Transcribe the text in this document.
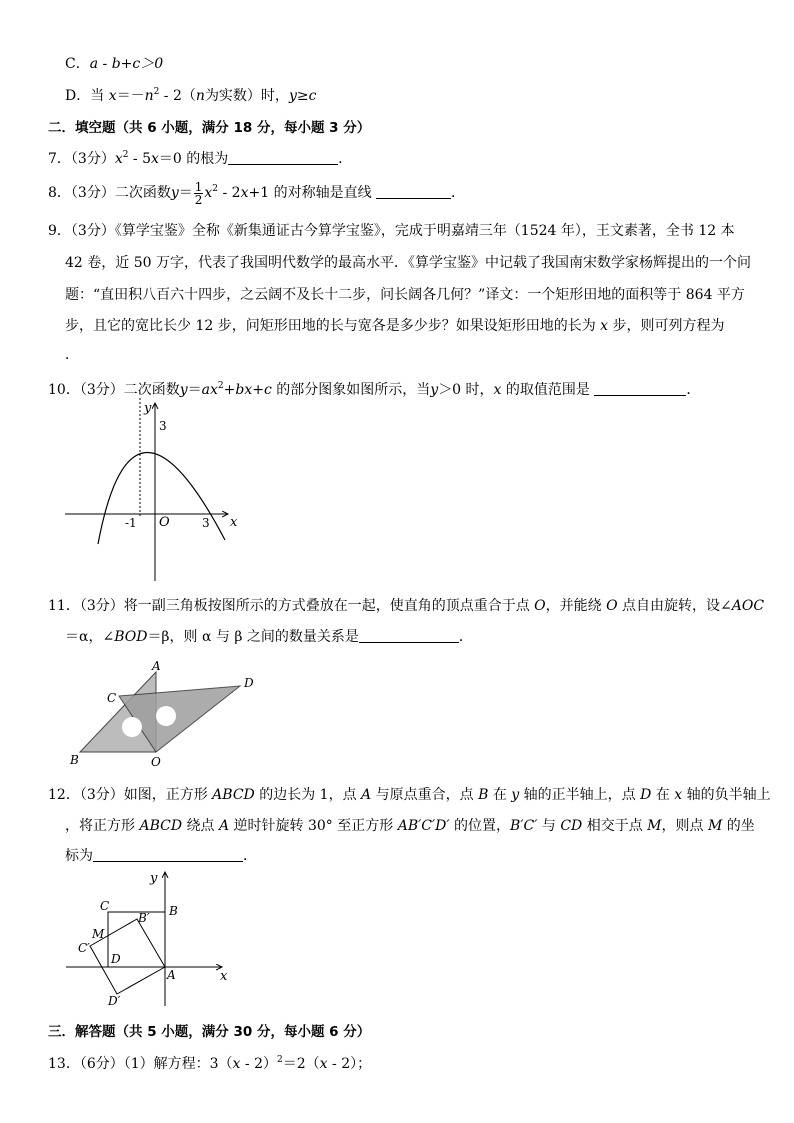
C．a - b+c＞0
D．当 $x=-n^2 - 2(n$为实数）时，y≥c
二．填空题（共 6 小题，满分 18 分，每小题 3 分）
7．（3分）$x^2 - 5x=0$ 的根为	．
8．（3分）二次函数$y= \frac{1}{2} x^2 - 2x+1$ 的对称轴是直线	．
9．（3分）《算学宝鉴》全称《新集通证古今算学宝鉴》，完成于明嘉靖三年（1524 年），王文素著，全书 12 本
42 卷，近 50 万字，代表了我国明代数学的最高水平．《算学宝鉴》中记载了我国南宋数学家杨辉提出的一个问
题：“直田积八百六十四步，之云阔不及长十二步，问长阔各几何？”译文：一个矩形田地的面积等于 864 平方
步，且它的宽比长少 12 步，问矩形田地的长与宽各是多少步？如果设矩形田地的长为 x 步，则可列方程为
．
10．（3分）二次函数$y=ax^2+bx+c$ 的部分图象如图所示，当y＞0 时，x 的取值范围是	．
y
x
O
3
-1	3
11．（3分）将一副三角板按图所示的方式叠放在一起，使直角的顶点重合于点 O，并能绕 O 点自由旋转，设∠AOC
＝α，∠BOD＝β，则 α 与 β 之间的数量关系是	．
A
B
C
D
O
12．（3分）如图，正方形 ABCD 的边长为 1，点 A 与原点重合，点 B 在 y 轴的正半轴上，点 D 在 x 轴的负半轴上
，将正方形 ABCD 绕点 A 逆时针旋转 30° 至正方形 AB′C′D′ 的位置，B′C′ 与 CD 相交于点 M，则点 M 的坐
标为	．
y
x
C	B
B′
M
C′
D
A
D′
三．解答题（共 5 小题，满分 30 分，每小题 6 分）
13．（6分）（1）解方程：3（x - 2）$^2$＝2（x - 2）；
